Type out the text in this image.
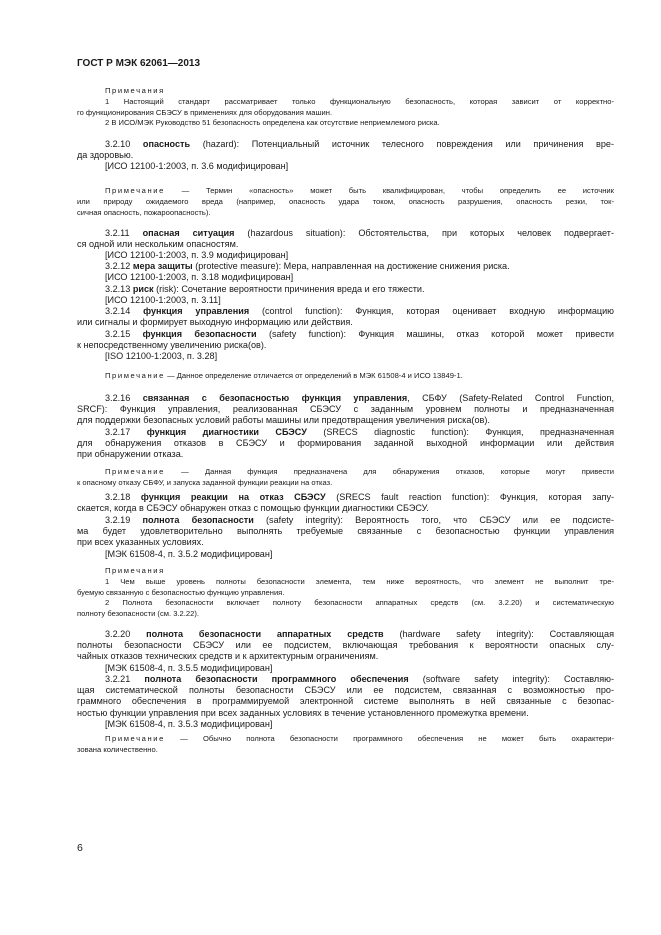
ГОСТ Р МЭК 62061—2013
Примечания
1 Настоящий стандарт рассматривает только функциональную безопасность, которая зависит от корректно-
го функционирования СБЭСУ в применениях для оборудования машин.
2 В ИСО/МЭК Руководство 51 безопасность определена как отсутствие неприемлемого риска.
3.2.10 опасность (hazard): Потенциальный источник телесного повреждения или причинения вре-
да здоровью.
[ИСО 12100-1:2003, п. 3.6 модифицирован]
Примечание — Термин «опасность» может быть квалифицирован, чтобы определить ее источник
или природу ожидаемого вреда (например, опасность удара током, опасность разрушения, опасность резки, ток-
сичная опасность, пожароопасность).
3.2.11 опасная ситуация (hazardous situation): Обстоятельства, при которых человек подвергает-
ся одной или нескольким опасностям.
[ИСО 12100-1:2003, п. 3.9 модифицирован]
3.2.12 мера защиты (protective measure): Мера, направленная на достижение снижения риска.
[ИСО 12100-1:2003, п. 3.18 модифицирован]
3.2.13 риск (risk): Сочетание вероятности причинения вреда и его тяжести.
[ИСО 12100-1:2003, п. 3.11]
3.2.14 функция управления (control function): Функция, которая оценивает входную информацию
или сигналы и формирует выходную информацию или действия.
3.2.15 функция безопасности (safety function): Функция машины, отказ которой может привести
к непосредственному увеличению риска(ов).
[ISO 12100-1:2003, п. 3.28]
Примечание — Данное определение отличается от определений в МЭК 61508-4 и ИСО 13849-1.
3.2.16 связанная с безопасностью функция управления, СБФУ (Safety-Related Control Function,
SRCF): Функция управления, реализованная СБЭСУ с заданным уровнем полноты и предназначенная
для поддержки безопасных условий работы машины или предотвращения увеличения риска(ов).
3.2.17 функция диагностики СБЭСУ (SRECS diagnostic function): Функция, предназначенная
для обнаружения отказов в СБЭСУ и формирования заданной выходной информации или действия
при обнаружении отказа.
Примечание — Данная функция предназначена для обнаружения отказов, которые могут привести
к опасному отказу СБФУ, и запуска заданной функции реакции на отказ.
3.2.18 функция реакции на отказ СБЭСУ (SRECS fault reaction function): Функция, которая запу-
скается, когда в СБЭСУ обнаружен отказ с помощью функции диагностики СБЭСУ.
3.2.19 полнота безопасности (safety integrity): Вероятность того, что СБЭСУ или ее подсисте-
ма будет удовлетворительно выполнять требуемые связанные с безопасностью функции управления
при всех указанных условиях.
[МЭК 61508-4, п. 3.5.2 модифицирован]
Примечания
1 Чем выше уровень полноты безопасности элемента, тем ниже вероятность, что элемент не выполнит тре-
буемую связанную с безопасностью функцию управления.
2 Полнота безопасности включает полноту безопасности аппаратных средств (см. 3.2.20) и систематическую
полноту безопасности (см. 3.2.22).
3.2.20 полнота безопасности аппаратных средств (hardware safety integrity): Составляющая
полноты безопасности СБЭСУ или ее подсистем, включающая требования к вероятности опасных слу-
чайных отказов технических средств и к архитектурным ограничениям.
[МЭК 61508-4, п. 3.5.5 модифицирован]
3.2.21 полнота безопасности программного обеспечения (software safety integrity): Составляю-
щая систематической полноты безопасности СБЭСУ или ее подсистем, связанная с возможностью про-
граммного обеспечения в программируемой электронной системе выполнять в ней связанные с безопас-
ностью функции управления при всех заданных условиях в течение установленного промежутка времени.
[МЭК 61508-4, п. 3.5.3 модифицирован]
Примечание — Обычно полнота безопасности программного обеспечения не может быть охарактери-
зована количественно.
6
